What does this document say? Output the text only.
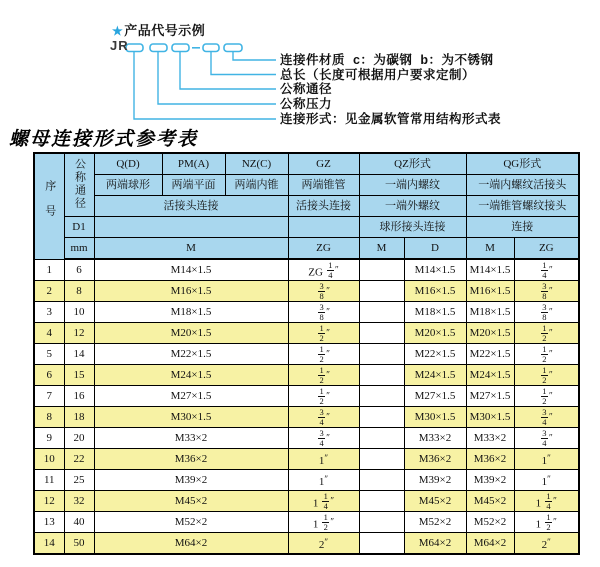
★产品代号示例
JR
连接件材质  c：为碳钢  b：为不锈钢
总长（长度可根据用户要求定制）
公称通径
公称压力
连接形式：见金属软管常用结构形式表
螺母连接形式参考表
序号	公称通径	Q(D)	PM(A)	NZ(C)	GZ	QZ形式		QG形式	
		两端球形	两端平面	两端内锥	两端锥管	一端内螺纹		一端内螺纹活接头	
		活接头连接			活接头连接	一端外螺纹		一端锥管螺纹接头	
	D1					球形接头连接		连接	
	mm	M			ZG	M	D	M	ZG
1	6	M14×1.5			ZG $\frac{1}{4} ''$		M14×1.5	M14×1.5	$\frac{1}{4} ''$
2	8	M16×1.5			$\frac{3}{8} ''$		M16×1.5	M16×1.5	$\frac{3}{8} ''$
3	10	M18×1.5			$\frac{3}{8} ''$		M18×1.5	M18×1.5	$\frac{3}{8} ''$
4	12	M20×1.5			$\frac{1}{2} ''$		M20×1.5	M20×1.5	$\frac{1}{2} ''$
5	14	M22×1.5			$\frac{1}{2} ''$		M22×1.5	M22×1.5	$\frac{1}{2} ''$
6	15	M24×1.5			$\frac{1}{2} ''$		M24×1.5	M24×1.5	$\frac{1}{2} ''$
7	16	M27×1.5			$\frac{1}{2} ''$		M27×1.5	M27×1.5	$\frac{1}{2} ''$
8	18	M30×1.5			$\frac{3}{4} ''$		M30×1.5	M30×1.5	$\frac{3}{4} ''$
9	20	M33×2			$\frac{3}{4} ''$		M33×2	M33×2	$\frac{3}{4} ''$
10	22	M36×2			1″		M36×2	M36×2	1″
11	25	M39×2			1″		M39×2	M39×2	1″
12	32	M45×2			$1 \frac{1}{4} ''$		M45×2	M45×2	$1 \frac{1}{4} ''$
13	40	M52×2			$1 \frac{1}{2} ''$		M52×2	M52×2	$1 \frac{1}{2} ''$
14	50	M64×2			2″		M64×2	M64×2	2″
